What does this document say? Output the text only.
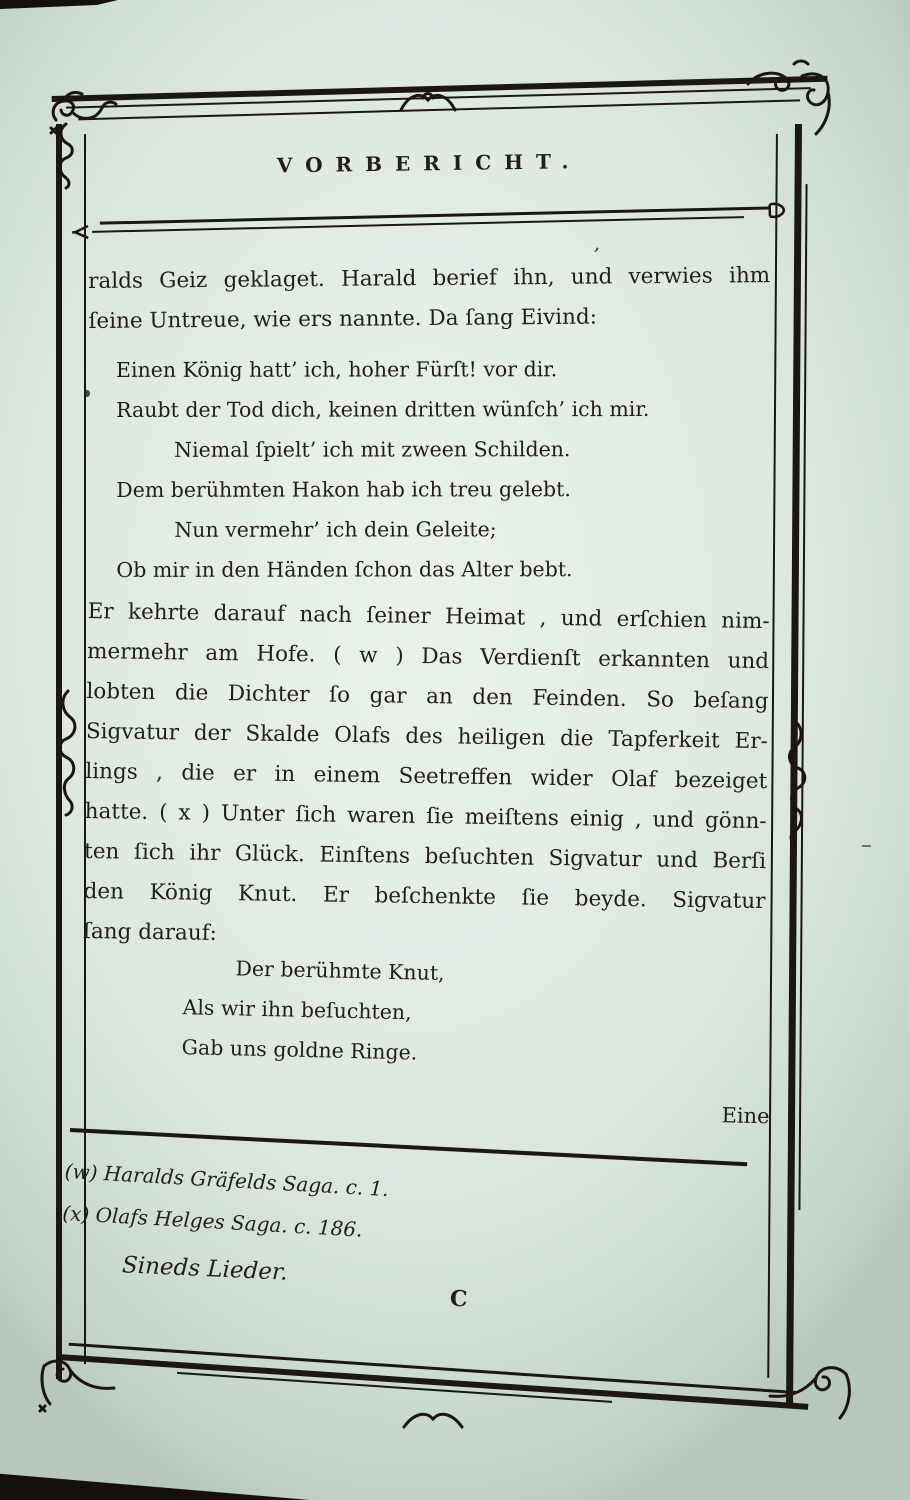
VORBERICHT.
’
ralds Geiz geklaget. Harald berief ihn, und verwies ihm
ſeine Untreue, wie ers nannte. Da ſang Eivind:
Einen König hatt’ ich, hoher Fürſt! vor dir.
Raubt der Tod dich, keinen dritten wünſch’ ich mir.
Niemal ſpielt’ ich mit zween Schilden.
Dem berühmten Hakon hab ich treu gelebt.
Nun vermehr’ ich dein Geleite;
Ob mir in den Händen ſchon das Alter bebt.
Er kehrte darauf nach ſeiner Heimat , und erſchien nim-
mermehr am Hofe. ( w ) Das Verdienſt erkannten und
lobten die Dichter ſo gar an den Feinden. So beſang
Sigvatur der Skalde Olafs des heiligen die Tapferkeit Er-
lings , die er in einem Seetreffen wider Olaf bezeiget
hatte. ( x ) Unter ſich waren ſie meiſtens einig , und gönn-
ten ſich ihr Glück. Einſtens beſuchten Sigvatur und Berſi
den König Knut. Er beſchenkte ſie beyde. Sigvatur
ſang darauf:
Der berühmte Knut,
Als wir ihn beſuchten,
Gab uns goldne Ringe.
Eine
(w) Haralds Gräfelds Saga. c. 1.
(x) Olafs Helges Saga. c. 186.
Sineds Lieder.
C
